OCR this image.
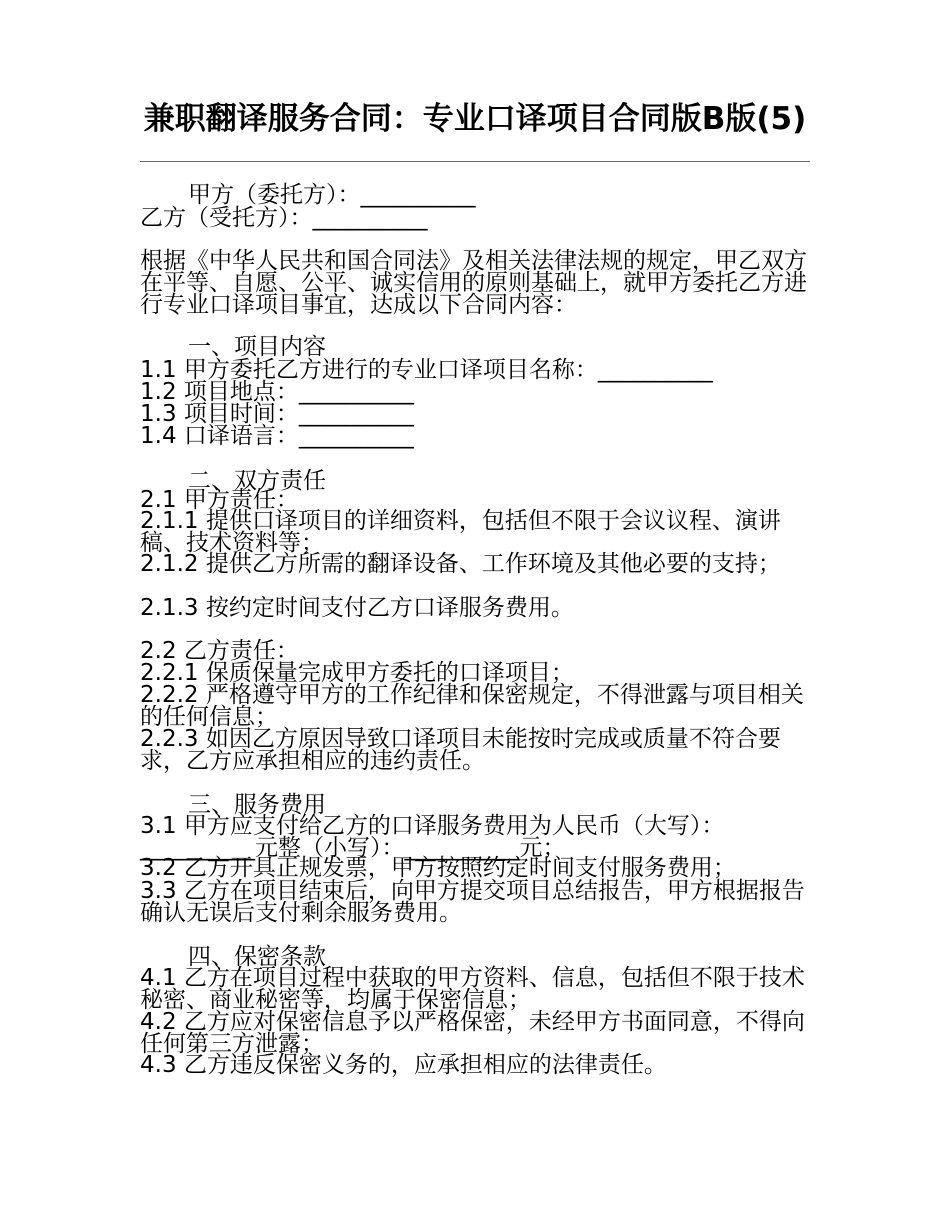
兼职翻译服务合同：专业口译项目合同版B版(5)
甲方（委托方）：__________
乙方（受托方）：__________
根据《中华人民共和国合同法》及相关法律法规的规定，甲乙双方在平等、自愿、公平、诚实信用的原则基础上，就甲方委托乙方进行专业口译项目事宜，达成以下合同内容：
一、项目内容
1.1 甲方委托乙方进行的专业口译项目名称：__________
1.2 项目地点：__________
1.3 项目时间：__________
1.4 口译语言：__________
二、双方责任
2.1 甲方责任：
2.1.1 提供口译项目的详细资料，包括但不限于会议议程、演讲稿、技术资料等；
2.1.2 提供乙方所需的翻译设备、工作环境及其他必要的支持；
2.1.3 按约定时间支付乙方口译服务费用。
2.2 乙方责任：
2.2.1 保质保量完成甲方委托的口译项目；
2.2.2 严格遵守甲方的工作纪律和保密规定，不得泄露与项目相关的任何信息；
2.2.3 如因乙方原因导致口译项目未能按时完成或质量不符合要求，乙方应承担相应的违约责任。
三、服务费用
3.1 甲方应支付给乙方的口译服务费用为人民币（大写）：__________元整（小写）：__________元；
3.2 乙方开具正规发票，甲方按照约定时间支付服务费用；
3.3 乙方在项目结束后，向甲方提交项目总结报告，甲方根据报告确认无误后支付剩余服务费用。
四、保密条款
4.1 乙方在项目过程中获取的甲方资料、信息，包括但不限于技术秘密、商业秘密等，均属于保密信息；
4.2 乙方应对保密信息予以严格保密，未经甲方书面同意，不得向任何第三方泄露；
4.3 乙方违反保密义务的，应承担相应的法律责任。
